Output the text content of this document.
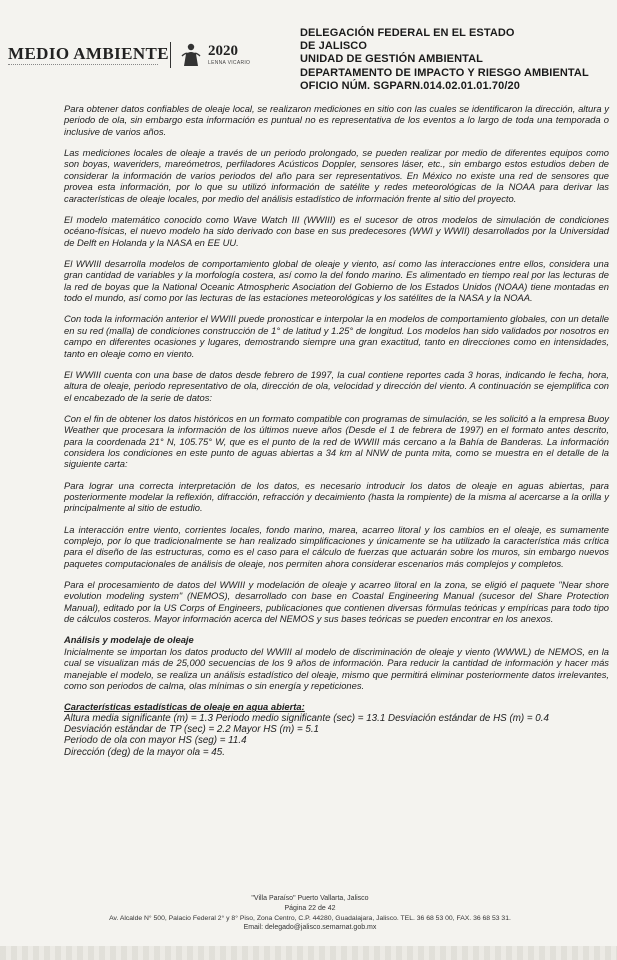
MEDIO AMBIENTE	2020
LENNA VICARIO
DELEGACIÓN FEDERAL EN EL ESTADO
DE JALISCO
UNIDAD DE GESTIÓN AMBIENTAL
DEPARTAMENTO DE IMPACTO Y RIESGO AMBIENTAL
OFICIO NÚM. SGPARN.014.02.01.01.70/20

Para obtener datos confiables de oleaje local, se realizaron mediciones en sitio con las cuales se identificaron la dirección, altura y periodo de ola, sin embargo esta información es puntual no es representativa de los eventos a lo largo de toda una temporada o inclusive de varios años.

Las mediciones locales de oleaje a través de un periodo prolongado, se pueden realizar por medio de diferentes equipos como son boyas, waveriders, mareómetros, perfiladores Acústicos Doppler, sensores láser, etc., sin embargo estos estudios deben de considerar la información de varios periodos del año para ser representativos. En México no existe una red de sensores que provea esta información, por lo que su utilizó información de satélite y redes meteorológicas de la NOAA para derivar las características de oleaje locales, por medio del análisis estadístico de información frente al sitio del proyecto.

El modelo matemático conocido como Wave Watch III (WWIII) es el sucesor de otros modelos de simulación de condiciones océano-físicas, el nuevo modelo ha sido derivado con base en sus predecesores (WWI y WWII) desarrollados por la Universidad de Delft en Holanda y la NASA en EE UU.

El WWIII desarrolla modelos de comportamiento global de oleaje y viento, así como las interacciones entre ellos, considera una gran cantidad de variables y la morfología costera, así como la del fondo marino. Es alimentado en tiempo real por las lecturas de la red de boyas que la National Oceanic Atmospheric Asociation del Gobierno de los Estados Unidos (NOAA) tiene montadas en todo el mundo, así como por las lecturas de las estaciones meteorológicas y los satélites de la NASA y la NOAA.

Con toda la información anterior el WWIII puede pronosticar e interpolar la en modelos de comportamiento globales, con un detalle en su red (malla) de condiciones construcción de 1° de latitud y 1.25° de longitud. Los modelos han sido validados por nosotros en campo en diferentes ocasiones y lugares, demostrando siempre una gran exactitud, tanto en direcciones como en intensidades, tanto en oleaje como en viento.

El WWIII cuenta con una base de datos desde febrero de 1997, la cual contiene reportes cada 3 horas, indicando le fecha, hora, altura de oleaje, periodo representativo de ola, dirección de ola, velocidad y dirección del viento. A continuación se ejemplifica con el encabezado de la serie de datos:

Con el fin de obtener los datos históricos en un formato compatible con programas de simulación, se les solicitó a la empresa Buoy Weather que procesara la información de los últimos nueve años (Desde el 1 de febrera de 1997) en el formato antes descrito, para la coordenada 21° N, 105.75° W, que es el punto de la red de WWIII más cercano a la Bahía de Banderas. La información considera los condiciones en este punto de aguas abiertas a 34 km al NNW de punta mita, como se muestra en el detalle de la siguiente carta:

Para lograr una correcta interpretación de los datos, es necesario introducir los datos de oleaje en aguas abiertas, para posteriormente modelar la reflexión, difracción, refracción y decaimiento (hasta la rompiente) de la misma al acercarse a la orilla y principalmente al sitio de estudio.

La interacción entre viento, corrientes locales, fondo marino, marea, acarreo litoral y los cambios en el oleaje, es sumamente complejo, por lo que tradicionalmente se han realizado simplificaciones y únicamente se ha utilizado la característica más crítica para el diseño de las estructuras, como es el caso para el cálculo de fuerzas que actuarán sobre los muros, sin embargo nuevos paquetes computacionales de análisis de oleaje, nos permiten ahora considerar escenarios más complejos y completos.

Para el procesamiento de datos del WWIII y modelación de oleaje y acarreo litoral en la zona, se eligió el paquete "Near shore evolution modeling system" (NEMOS), desarrollado con base en Coastal Engineering Manual (sucesor del Share Protection Manual), editado por la US Corps of Engineers, publicaciones que contienen diversas fórmulas teóricas y empíricas para todo tipo de cálculos costeros. Mayor información acerca del NEMOS y sus bases teóricas se pueden encontrar en los anexos.

Análisis y modelaje de oleaje

Inicialmente se importan los datos producto del WWIII al modelo de discriminación de oleaje y viento (WWWL) de NEMOS, en la cual se visualizan más de 25,000 secuencias de los 9 años de información. Para reducir la cantidad de información y hacer más manejable el modelo, se realiza un análisis estadístico del oleaje, mismo que permitirá eliminar posteriormente datos irrelevantes, como son periodos de calma, olas mínimas o sin energía y repeticiones.

Características estadísticas de oleaje en agua abierta:
Altura media significante (m) = 1.3 Periodo medio significante (sec) = 13.1 Desviación estándar de HS (m) = 0.4
Desviación estándar de TP (sec) = 2.2 Mayor HS (m) = 5.1
Periodo de ola con mayor HS (seg) = 11.4
Dirección (deg) de la mayor ola = 45.
"Villa Paraíso" Puerto Vallarta, Jalisco
Página 22 de 42
Av. Alcalde N° 500, Palacio Federal 2° y 8° Piso, Zona Centro, C.P. 44280, Guadalajara, Jalisco. TEL. 36 68 53 00, FAX. 36 68 53 31.
Email: delegado@jalisco.semarnat.gob.mx
